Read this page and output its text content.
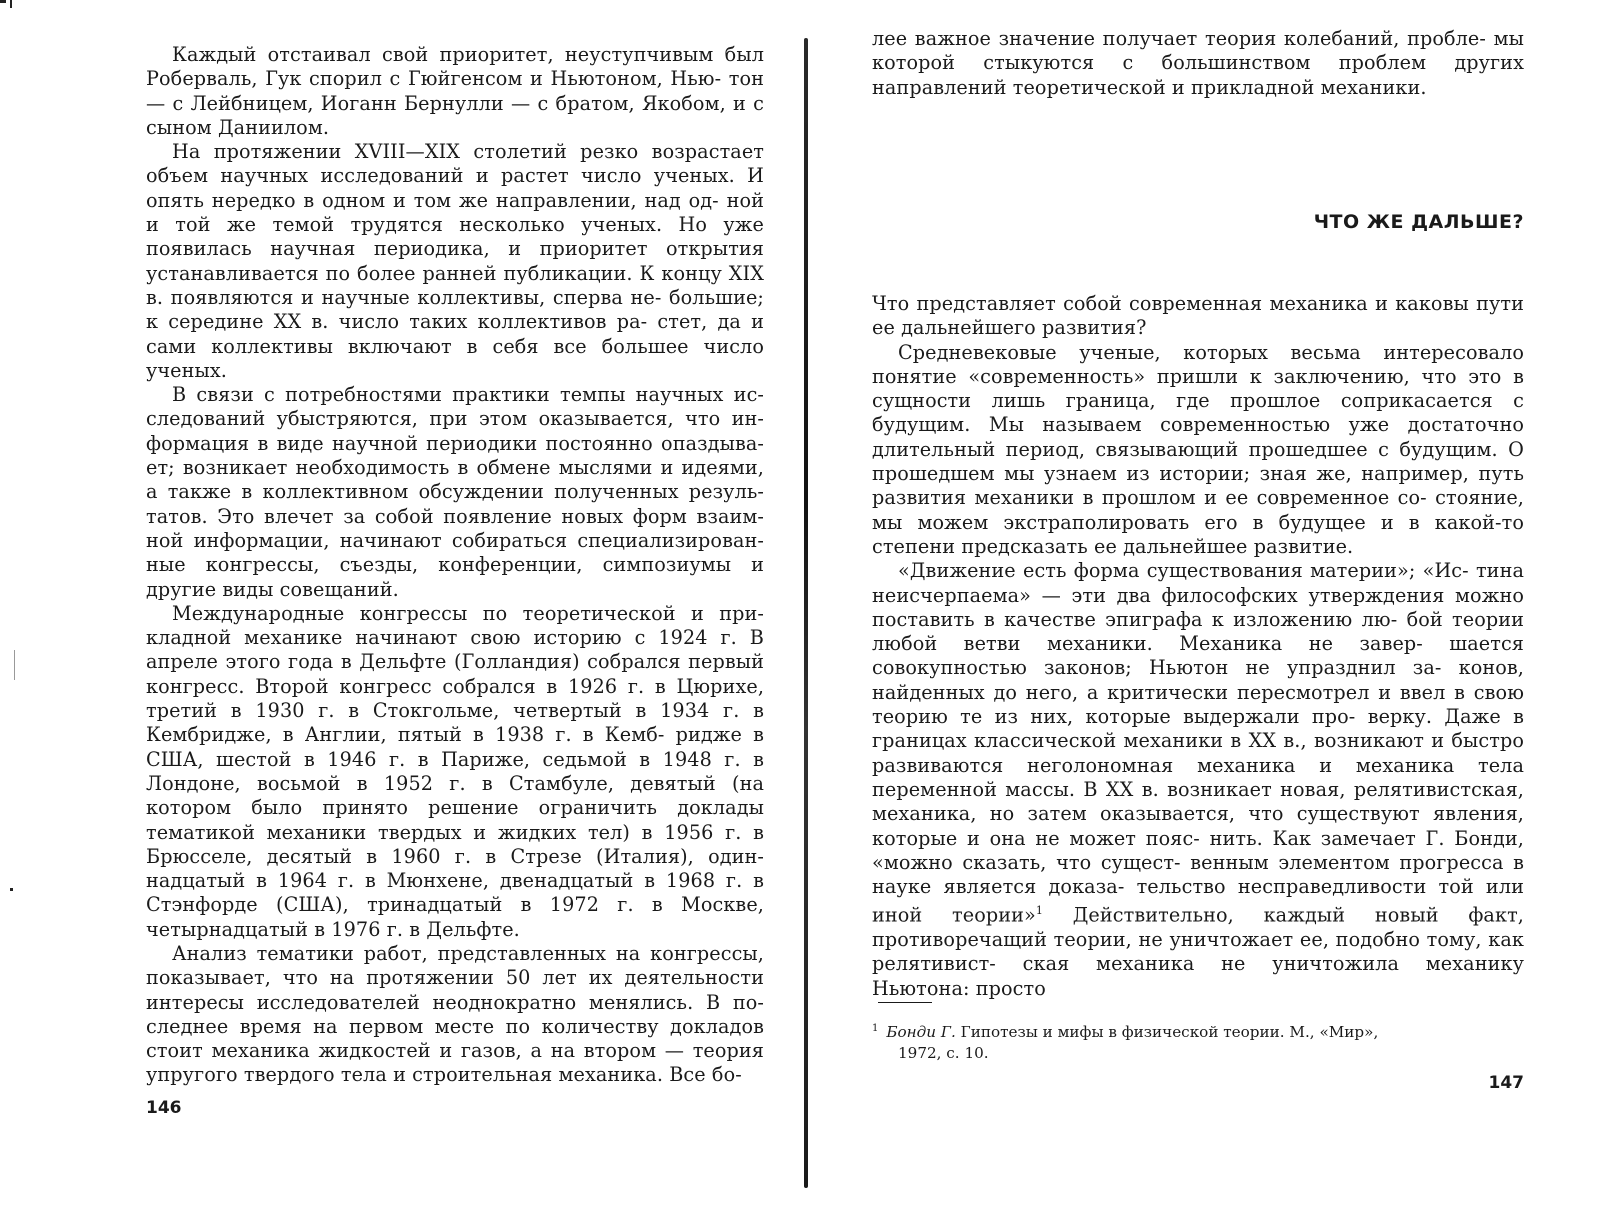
Каждый отстаивал свой приоритет, неуступчивым был Роберваль, Гук спорил с Гюйгенсом и Ньютоном, Нью- тон — с Лейбницем, Иоганн Бернулли — с братом, Якобом, и с сыном Даниилом.

На протяжении XVIII—XIX столетий резко возрастает объем научных исследований и растет число ученых. И опять нередко в одном и том же направлении, над од- ной и той же темой трудятся несколько ученых. Но уже появилась научная периодика, и приоритет открытия устанавливается по более ранней публикации. К концу XIX в. появляются и научные коллективы, сперва не- большие; к середине XX в. число таких коллективов ра- стет, да и сами коллективы включают в себя все большее число ученых.

В связи с потребностями практики темпы научных ис- следований убыстряются, при этом оказывается, что ин- формация в виде научной периодики постоянно опаздыва- ет; возникает необходимость в обмене мыслями и идеями, а также в коллективном обсуждении полученных резуль- татов. Это влечет за собой появление новых форм взаим- ной информации, начинают собираться специализирован- ные конгрессы, съезды, конференции, симпозиумы и другие виды совещаний.

Международные конгрессы по теоретической и при- кладной механике начинают свою историю с 1924 г. В апреле этого года в Дельфте (Голландия) собрался первый конгресс. Второй конгресс собрался в 1926 г. в Цюрихе, третий в 1930 г. в Стокгольме, четвертый в 1934 г. в Кембридже, в Англии, пятый в 1938 г. в Кемб- ридже в США, шестой в 1946 г. в Париже, седьмой в 1948 г. в Лондоне, восьмой в 1952 г. в Стамбуле, девятый (на котором было принято решение ограничить доклады тематикой механики твердых и жидких тел) в 1956 г. в Брюсселе, десятый в 1960 г. в Стрезе (Италия), один- надцатый в 1964 г. в Мюнхене, двенадцатый в 1968 г. в Стэнфорде (США), тринадцатый в 1972 г. в Москве, четырнадцатый в 1976 г. в Дельфте.

Анализ тематики работ, представленных на конгрессы, показывает, что на протяжении 50 лет их деятельности интересы исследователей неоднократно менялись. В по- следнее время на первом месте по количеству докладов стоит механика жидкостей и газов, а на втором — теория упругого твердого тела и строительная механика. Все бо-

146

лее важное значение получает теория колебаний, пробле- мы которой стыкуются с большинством проблем других направлений теоретической и прикладной механики.

ЧТО ЖЕ ДАЛЬШЕ?

Что представляет собой современная механика и каковы пути ее дальнейшего развития?

Средневековые ученые, которых весьма интересовало понятие «современность» пришли к заключению, что это в сущности лишь граница, где прошлое соприкасается с будущим. Мы называем современностью уже достаточно длительный период, связывающий прошедшее с будущим. О прошедшем мы узнаем из истории; зная же, например, путь развития механики в прошлом и ее современное со- стояние, мы можем экстраполировать его в будущее и в какой-то степени предсказать ее дальнейшее развитие.

«Движение есть форма существования материи»; «Ис- тина неисчерпаема» — эти два философских утверждения можно поставить в качестве эпиграфа к изложению лю- бой теории любой ветви механики. Механика не завер- шается совокупностью законов; Ньютон не упразднил за- конов, найденных до него, а критически пересмотрел и ввел в свою теорию те из них, которые выдержали про- верку. Даже в границах классической механики в XX в., возникают и быстро развиваются неголономная механика и механика тела переменной массы. В XX в. возникает новая, релятивистская, механика, но затем оказывается, что существуют явления, которые и она не может пояс- нить. Как замечает Г. Бонди, «можно сказать, что сущест- венным элементом прогресса в науке является доказа- тельство несправедливости той или иной теории»$^1$ Действительно, каждый новый факт, противоречащий теории, не уничтожает ее, подобно тому, как релятивист- ская механика не уничтожила механику Ньютона: просто

$^1$ Бонди Г. Гипотезы и мифы в физической теории. М., «Мир»,
1972, с. 10.
147
